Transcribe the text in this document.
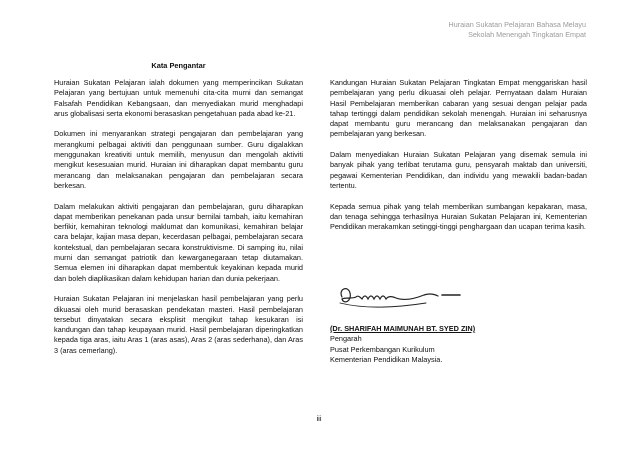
Huraian Sukatan Pelajaran Bahasa Melayu
Sekolah Menengah Tingkatan Empat
Kata Pengantar

Huraian Sukatan Pelajaran ialah dokumen yang memperincikan Sukatan Pelajaran yang bertujuan untuk memenuhi cita-cita murni dan semangat Falsafah Pendidikan Kebangsaan, dan menyediakan murid menghadapi arus globalisasi serta ekonomi berasaskan pengetahuan pada abad ke-21.

Dokumen ini menyarankan strategi pengajaran dan pembelajaran yang merangkumi pelbagai aktiviti dan penggunaan sumber. Guru digalakkan menggunakan kreativiti untuk memilih, menyusun dan mengolah aktiviti mengikut kesesuaian murid. Huraian ini diharapkan dapat membantu guru merancang dan melaksanakan pengajaran dan pembelajaran secara berkesan.

Dalam melakukan aktiviti pengajaran dan pembelajaran, guru diharapkan dapat memberikan penekanan pada unsur bernilai tambah, iaitu kemahiran berfikir, kemahiran teknologi maklumat dan komunikasi, kemahiran belajar cara belajar, kajian masa depan, kecerdasan pelbagai, pembelajaran secara kontekstual, dan pembelajaran secara konstruktivisme. Di samping itu, nilai murni dan semangat patriotik dan kewarganegaraan tetap diutamakan. Semua elemen ini diharapkan dapat membentuk keyakinan kepada murid dan boleh diaplikasikan dalam kehidupan harian dan dunia pekerjaan.

Huraian Sukatan Pelajaran ini menjelaskan hasil pembelajaran yang perlu dikuasai oleh murid berasaskan pendekatan masteri. Hasil pembelajaran tersebut dinyatakan secara eksplisit mengikut tahap kesukaran isi kandungan dan tahap keupayaan murid. Hasil pembelajaran diperingkatkan kepada tiga aras, iaitu Aras 1 (aras asas), Aras 2 (aras sederhana), dan Aras 3 (aras cemerlang).

Kandungan Huraian Sukatan Pelajaran Tingkatan Empat menggariskan hasil pembelajaran yang perlu dikuasai oleh pelajar. Pernyataan dalam Huraian Hasil Pembelajaran memberikan cabaran yang sesuai dengan pelajar pada tahap tertinggi dalam pendidikan sekolah menengah. Huraian ini seharusnya dapat membantu guru merancang dan melaksanakan pengajaran dan pembelajaran yang berkesan.

Dalam menyediakan Huraian Sukatan Pelajaran yang disemak semula ini banyak pihak yang terlibat terutama guru, pensyarah maktab dan universiti, pegawai Kementerian Pendidikan, dan individu yang mewakili badan-badan tertentu.

Kepada semua pihak yang telah memberikan sumbangan kepakaran, masa, dan tenaga sehingga terhasilnya Huraian Sukatan Pelajaran ini, Kementerian Pendidikan merakamkan setinggi-tinggi penghargaan dan ucapan terima kasih.

(Dr. SHARIFAH MAIMUNAH BT. SYED ZIN)
Pengarah
Pusat Perkembangan Kurikulum
Kementerian Pendidikan Malaysia.
iii
